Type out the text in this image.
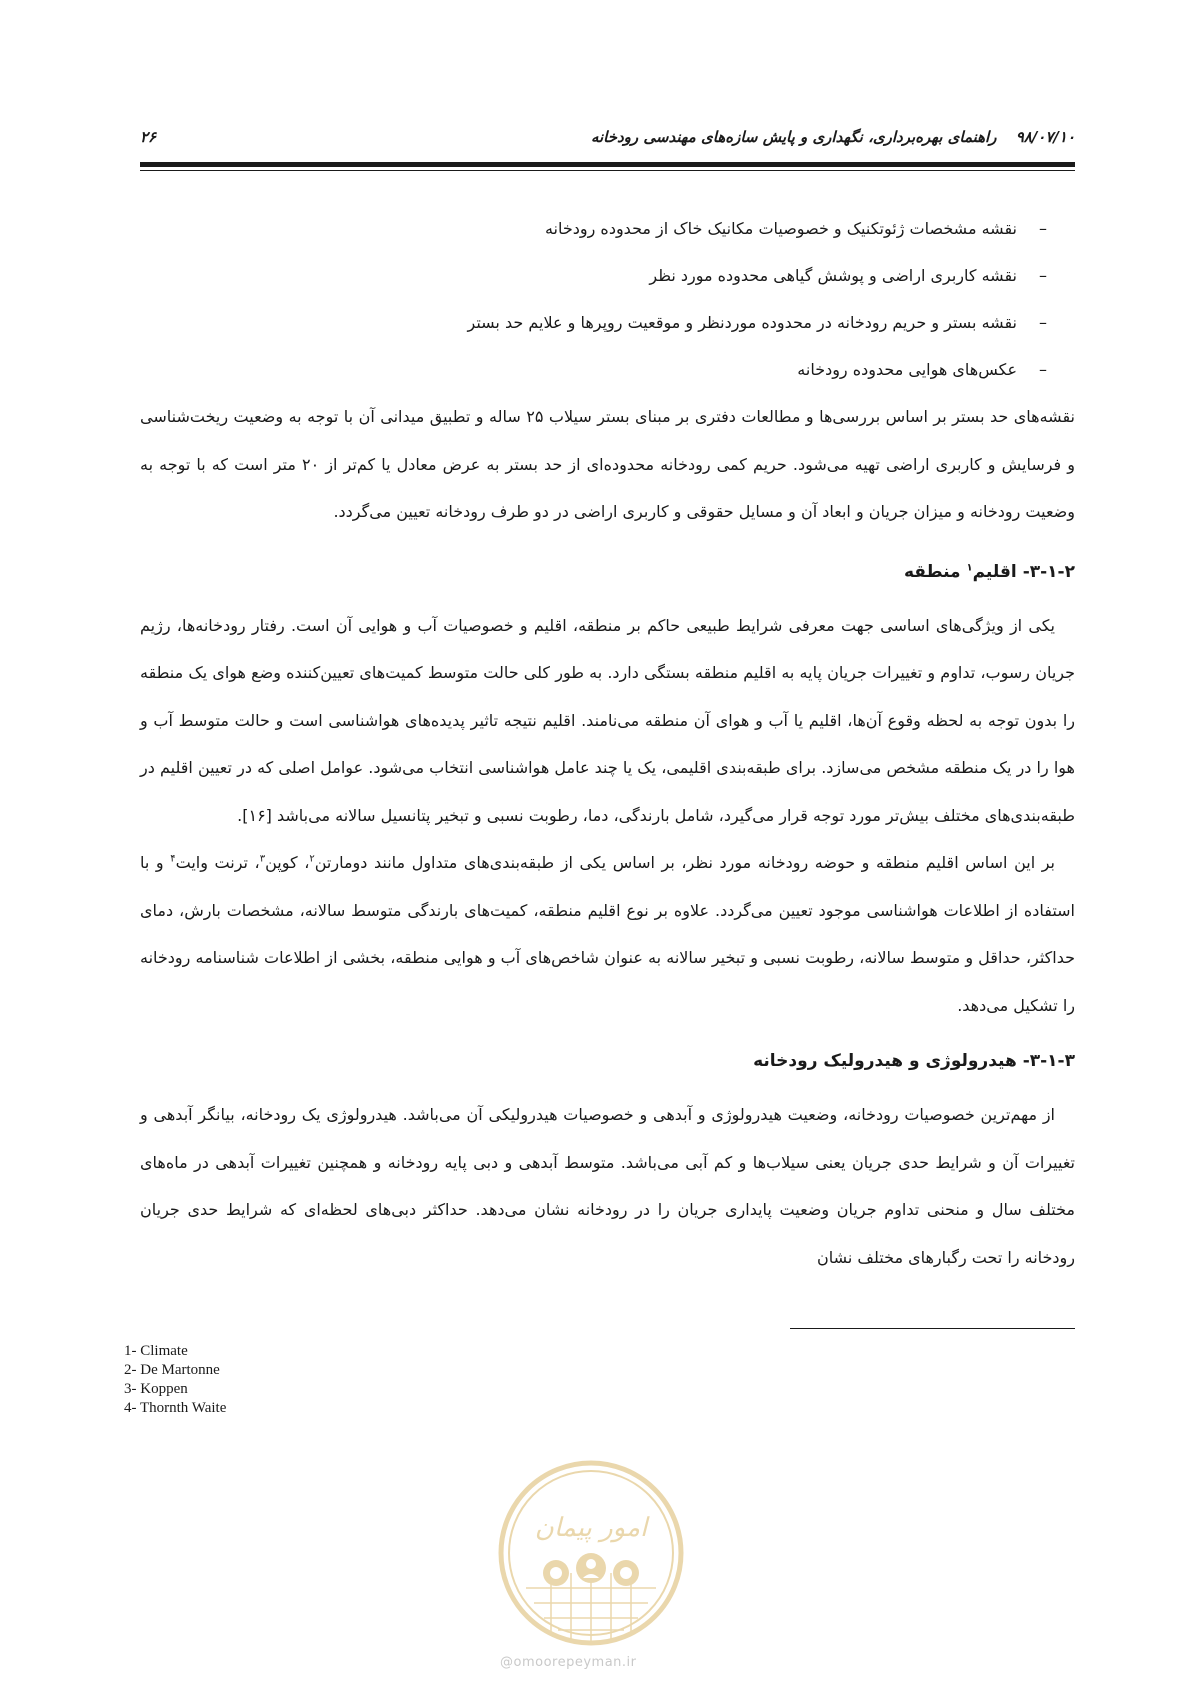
۹۸/۰۷/۱۰ راهنمای بهره‌برداری، نگهداری و پایش سازه‌های مهندسی رودخانه
۲۶
–
نقشه مشخصات ژئوتکنیک و خصوصیات مکانیک خاک از محدوده رودخانه
–
نقشه کاربری اراضی و پوشش گیاهی محدوده مورد نظر
–
نقشه بستر و حریم رودخانه در محدوده موردنظر و موقعیت روپرها و علایم حد بستر
–
عکس‌های هوایی محدوده رودخانه

نقشه‌های حد بستر بر اساس بررسی‌ها و مطالعات دفتری بر مبنای بستر سیلاب ۲۵ ساله و تطبیق میدانی آن با توجه به وضعیت ریخت‌شناسی و فرسایش و کاربری اراضی تهیه می‌شود. حریم کمی رودخانه محدوده‌ای از حد بستر به عرض معادل یا کم‌تر از ۲۰ متر است که با توجه به وضعیت رودخانه و میزان جریان و ابعاد آن و مسایل حقوقی و کاربری اراضی در دو طرف رودخانه تعیین می‌گردد.

۳-۱-۲- اقلیم$^۱$ منطقه

یکی از ویژگی‌های اساسی جهت معرفی شرایط طبیعی حاکم بر منطقه، اقلیم و خصوصیات آب و هوایی آن است. رفتار رودخانه‌ها، رژیم جریان رسوب، تداوم و تغییرات جریان پایه به اقلیم منطقه بستگی دارد. به طور کلی حالت متوسط کمیت‌های تعیین‌کننده وضع هوای یک منطقه را بدون توجه به لحظه وقوع آن‌ها، اقلیم یا آب و هوای آن منطقه می‌نامند. اقلیم نتیجه تاثیر پدیده‌های هواشناسی است و حالت متوسط آب و هوا را در یک منطقه مشخص می‌سازد. برای طبقه‌بندی اقلیمی، یک یا چند عامل هواشناسی انتخاب می‌شود. عوامل اصلی که در تعیین اقلیم در طبقه‌بندی‌های مختلف بیش‌تر مورد توجه قرار می‌گیرد، شامل بارندگی، دما، رطوبت نسبی و تبخیر پتانسیل سالانه می‌باشد [۱۶].

بر این اساس اقلیم منطقه و حوضه رودخانه مورد نظر، بر اساس یکی از طبقه‌بندی‌های متداول مانند دومارتن$^۲$، کوپن$^۳$، ترنت وایت$^۴$ و با استفاده از اطلاعات هواشناسی موجود تعیین می‌گردد. علاوه بر نوع اقلیم منطقه، کمیت‌های بارندگی متوسط سالانه، مشخصات بارش، دمای حداکثر، حداقل و متوسط سالانه، رطوبت نسبی و تبخیر سالانه به عنوان شاخص‌های آب و هوایی منطقه، بخشی از اطلاعات شناسنامه رودخانه را تشکیل می‌دهد.

۳-۱-۳- هیدرولوژی و هیدرولیک رودخانه

از مهم‌ترین خصوصیات رودخانه، وضعیت هیدرولوژی و آبدهی و خصوصیات هیدرولیکی آن می‌باشد. هیدرولوژی یک رودخانه، بیانگر آبدهی و تغییرات آن و شرایط حدی جریان یعنی سیلاب‌ها و کم آبی می‌باشد. متوسط آبدهی و دبی پایه رودخانه و همچنین تغییرات آبدهی در ماه‌های مختلف سال و منحنی تداوم جریان وضعیت پایداری جریان را در رودخانه نشان می‌دهد. حداکثر دبی‌های لحظه‌ای که شرایط حدی جریان رودخانه را تحت رگبارهای مختلف نشان

1- Climate
2- De Martonne
3- Koppen
4- Thornth Waite
امور پیمان
@omoorepeyman.ir
